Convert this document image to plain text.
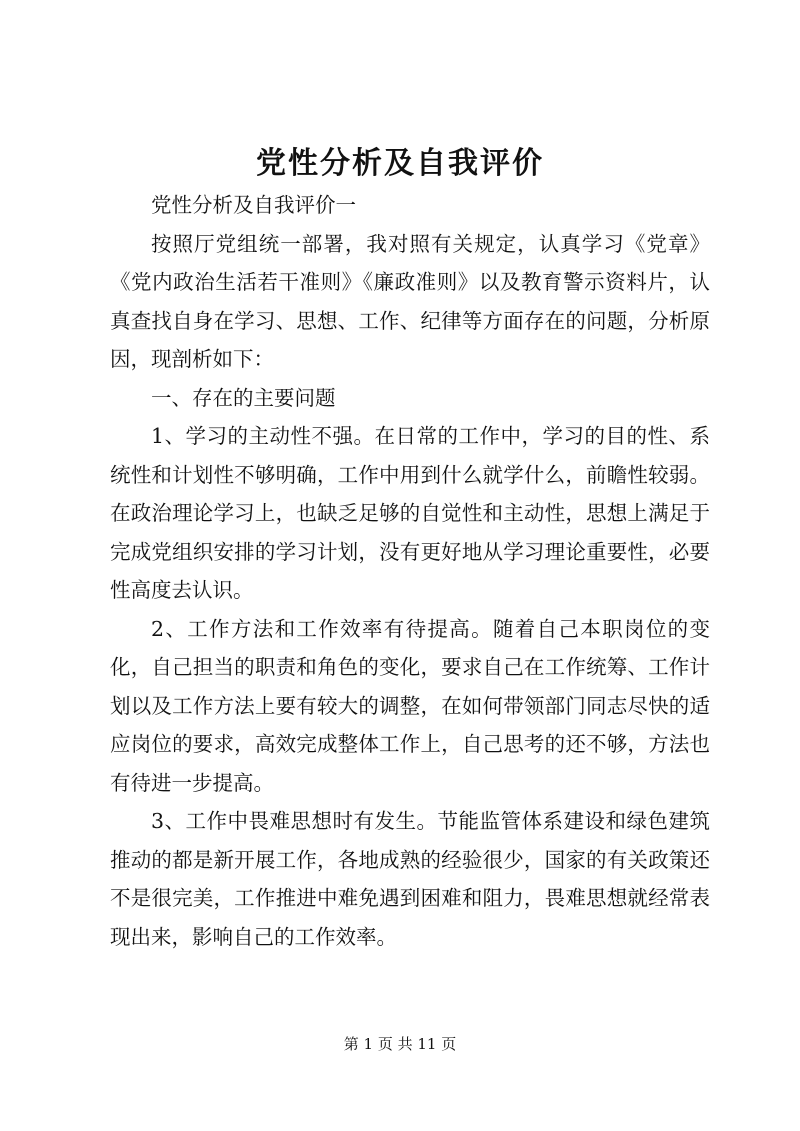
党性分析及自我评价

党性分析及自我评价一

按照厅党组统一部署，我对照有关规定，认真学习《党章》《党内政治生活若干准则》《廉政准则》以及教育警示资料片，认真查找自身在学习、思想、工作、纪律等方面存在的问题，分析原因，现剖析如下：

一、存在的主要问题

1、学习的主动性不强。在日常的工作中，学习的目的性、系统性和计划性不够明确，工作中用到什么就学什么，前瞻性较弱。在政治理论学习上，也缺乏足够的自觉性和主动性，思想上满足于完成党组织安排的学习计划，没有更好地从学习理论重要性，必要性高度去认识。

2、工作方法和工作效率有待提高。随着自己本职岗位的变化，自己担当的职责和角色的变化，要求自己在工作统筹、工作计划以及工作方法上要有较大的调整，在如何带领部门同志尽快的适应岗位的要求，高效完成整体工作上，自己思考的还不够，方法也有待进一步提高。

3、工作中畏难思想时有发生。节能监管体系建设和绿色建筑推动的都是新开展工作，各地成熟的经验很少，国家的有关政策还不是很完美，工作推进中难免遇到困难和阻力，畏难思想就经常表现出来，影响自己的工作效率。

第 1 页 共 11 页
